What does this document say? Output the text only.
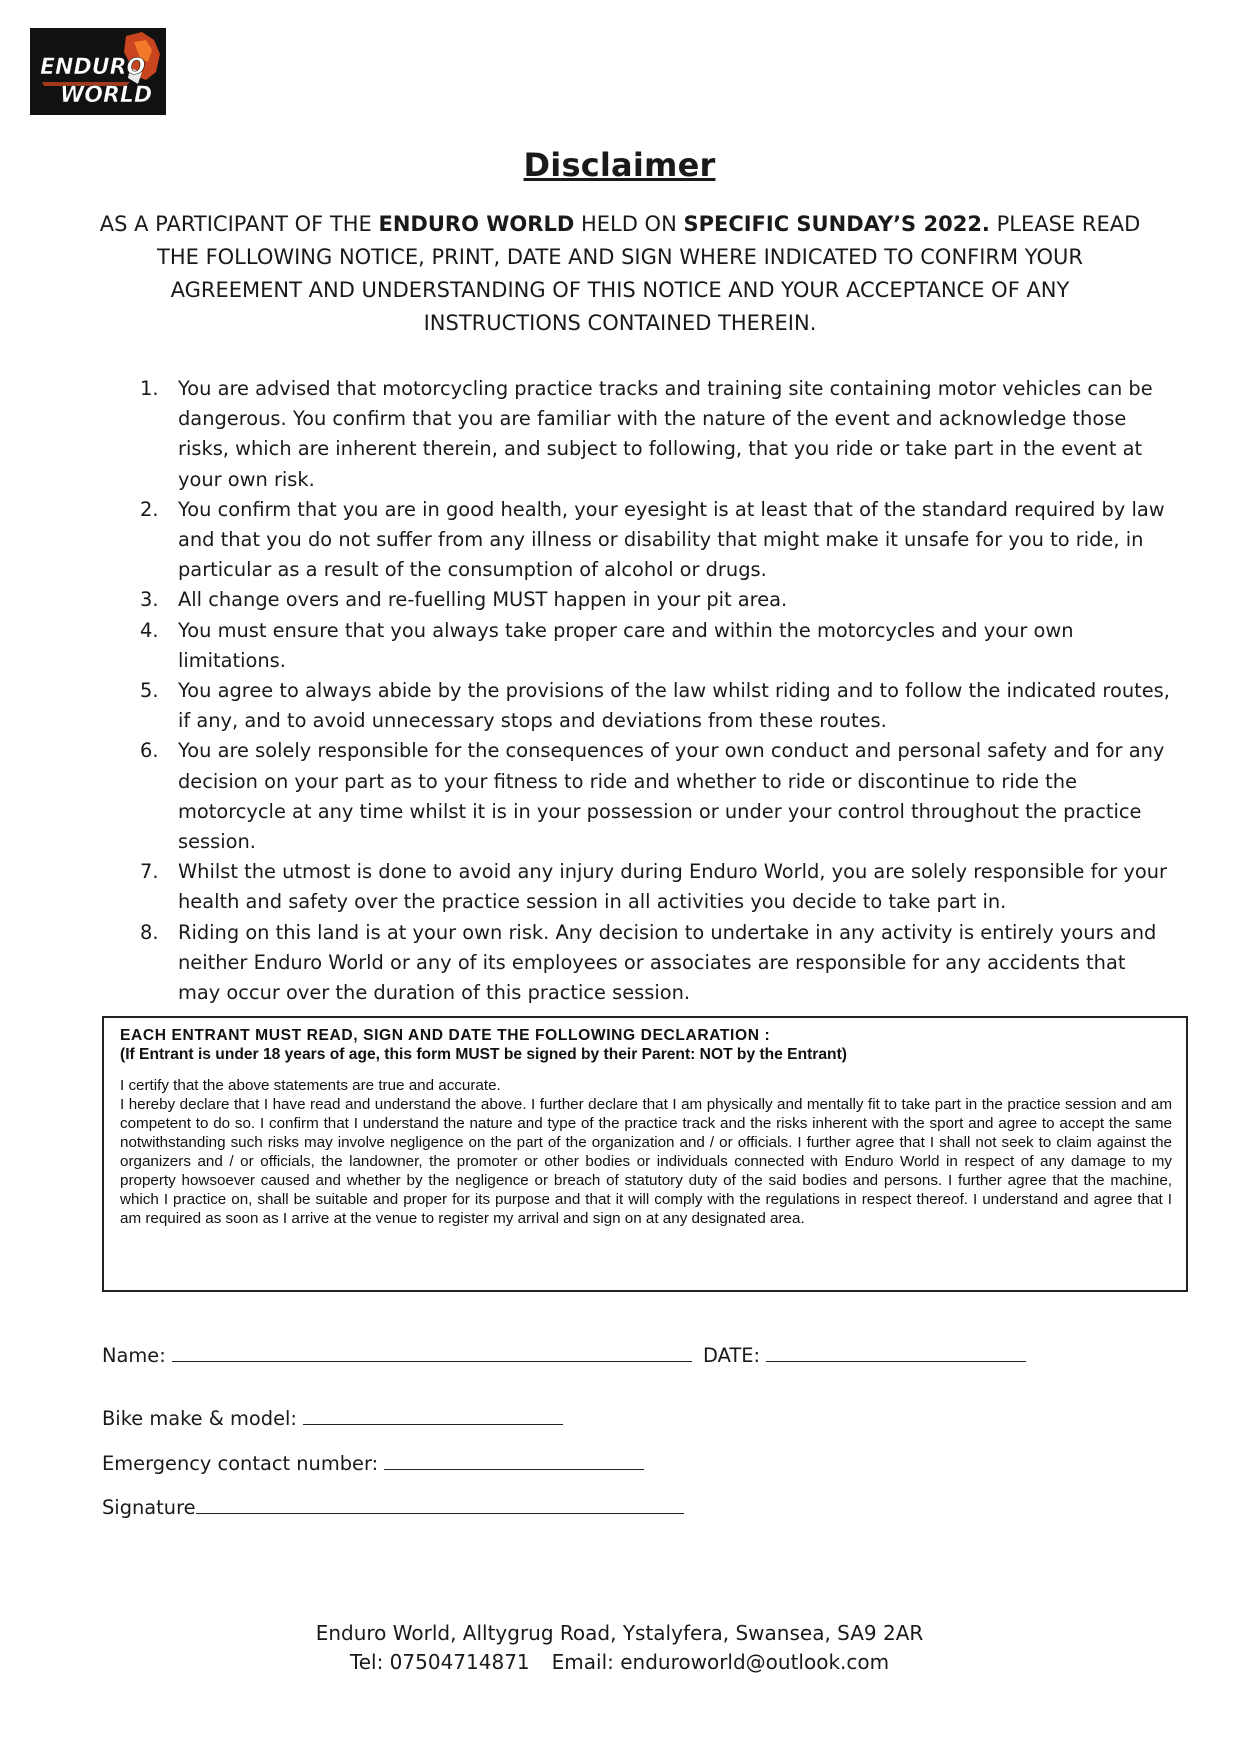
ENDURO
WORLD
Disclaimer
AS A PARTICIPANT OF THE ENDURO WORLD HELD ON SPECIFIC SUNDAY’S 2022. PLEASE READ THE FOLLOWING NOTICE, PRINT, DATE AND SIGN WHERE INDICATED TO CONFIRM YOUR AGREEMENT AND UNDERSTANDING OF THIS NOTICE AND YOUR ACCEPTANCE OF ANY INSTRUCTIONS CONTAINED THEREIN.
1. You are advised that motorcycling practice tracks and training site containing motor vehicles can be dangerous. You confirm that you are familiar with the nature of the event and acknowledge those risks, which are inherent therein, and subject to following, that you ride or take part in the event at your own risk.
2. You confirm that you are in good health, your eyesight is at least that of the standard required by law and that you do not suffer from any illness or disability that might make it unsafe for you to ride, in particular as a result of the consumption of alcohol or drugs.
3. All change overs and re-fuelling MUST happen in your pit area.
4. You must ensure that you always take proper care and within the motorcycles and your own limitations.
5. You agree to always abide by the provisions of the law whilst riding and to follow the indicated routes, if any, and to avoid unnecessary stops and deviations from these routes.
6. You are solely responsible for the consequences of your own conduct and personal safety and for any decision on your part as to your fitness to ride and whether to ride or discontinue to ride the motorcycle at any time whilst it is in your possession or under your control throughout the practice session.
7. Whilst the utmost is done to avoid any injury during Enduro World, you are solely responsible for your health and safety over the practice session in all activities you decide to take part in.
8. Riding on this land is at your own risk. Any decision to undertake in any activity is entirely yours and neither Enduro World or any of its employees or associates are responsible for any accidents that may occur over the duration of this practice session.
EACH ENTRANT MUST READ, SIGN AND DATE THE FOLLOWING DECLARATION :
(If Entrant is under 18 years of age, this form MUST be signed by their Parent: NOT by the Entrant)

I certify that the above statements are true and accurate.

I hereby declare that I have read and understand the above. I further declare that I am physically and mentally fit to take part in the practice session and am competent to do so. I confirm that I understand the nature and type of the practice track and the risks inherent with the sport and agree to accept the same notwithstanding such risks may involve negligence on the part of the organization and / or officials. I further agree that I shall not seek to claim against the organizers and / or officials, the landowner, the promoter or other bodies or individuals connected with Enduro World in respect of any damage to my property howsoever caused and whether by the negligence or breach of statutory duty of the said bodies and persons. I further agree that the machine, which I practice on, shall be suitable and proper for its purpose and that it will comply with the regulations in respect thereof. I understand and agree that I am required as soon as I arrive at the venue to register my arrival and sign on at any designated area.

Name:	DATE:
Bike make & model:
Emergency contact number:
Signature
Enduro World, Alltygrug Road, Ystalyfera, Swansea, SA9 2AR
Tel: 07504714871 Email: enduroworld@outlook.com
